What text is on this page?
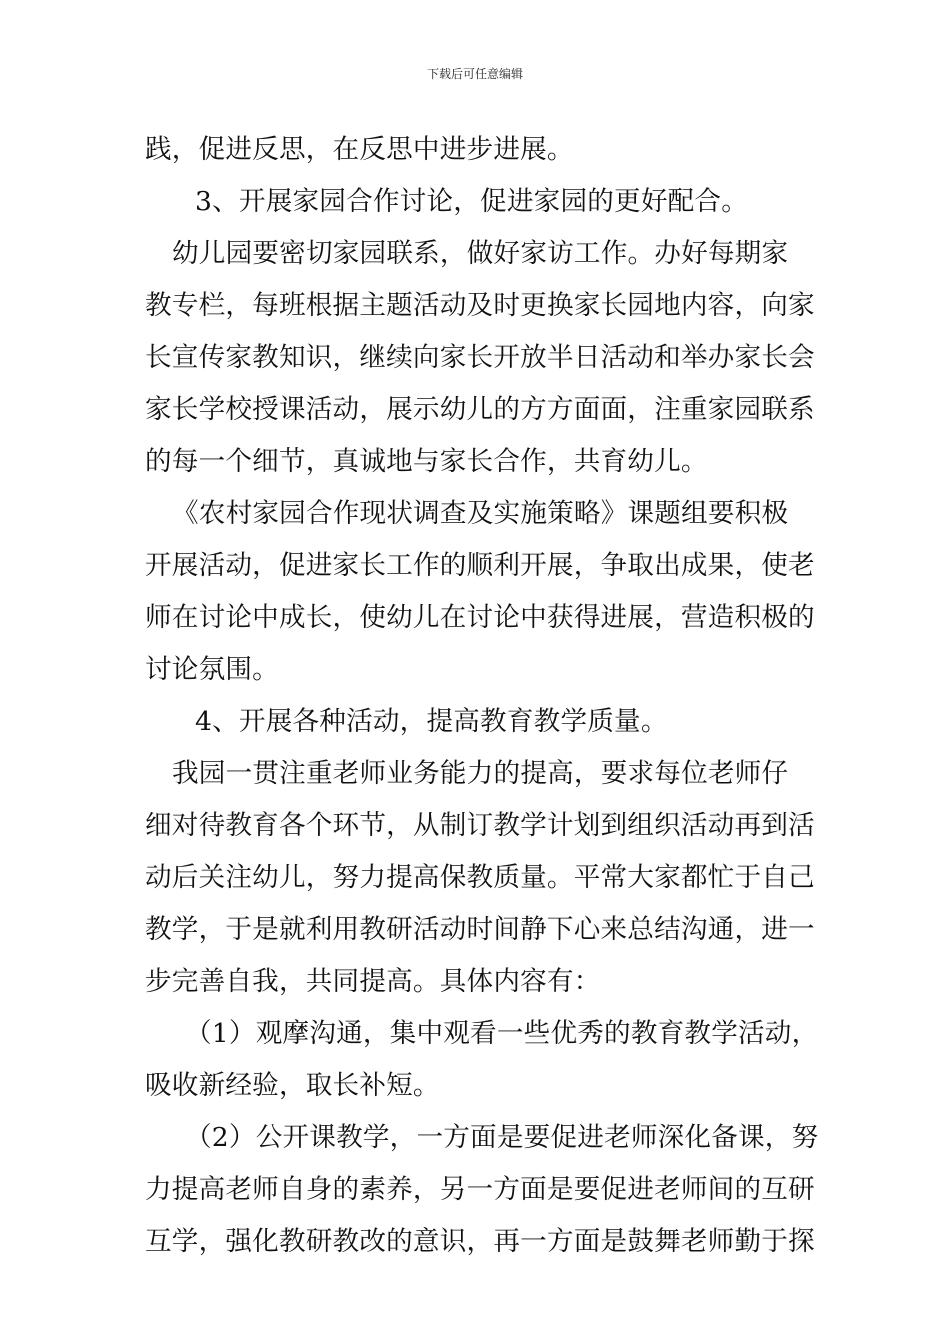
下载后可任意编辑
践，促进反思，在反思中进步进展。
3、开展家园合作讨论，促进家园的更好配合。
幼儿园要密切家园联系，做好家访工作。办好每期家
教专栏，每班根据主题活动及时更换家长园地内容，向家
长宣传家教知识，继续向家长开放半日活动和举办家长会
家长学校授课活动，展示幼儿的方方面面，注重家园联系
的每一个细节，真诚地与家长合作，共育幼儿。
《农村家园合作现状调查及实施策略》课题组要积极
开展活动，促进家长工作的顺利开展，争取出成果，使老
师在讨论中成长，使幼儿在讨论中获得进展，营造积极的
讨论氛围。
4、开展各种活动，提高教育教学质量。
我园一贯注重老师业务能力的提高，要求每位老师仔
细对待教育各个环节，从制订教学计划到组织活动再到活
动后关注幼儿，努力提高保教质量。平常大家都忙于自己
教学，于是就利用教研活动时间静下心来总结沟通，进一
步完善自我，共同提高。具体内容有：
（1）观摩沟通，集中观看一些优秀的教育教学活动，
吸收新经验，取长补短。
（2）公开课教学，一方面是要促进老师深化备课，努
力提高老师自身的素养，另一方面是要促进老师间的互研
互学，强化教研教改的意识，再一方面是鼓舞老师勤于探
